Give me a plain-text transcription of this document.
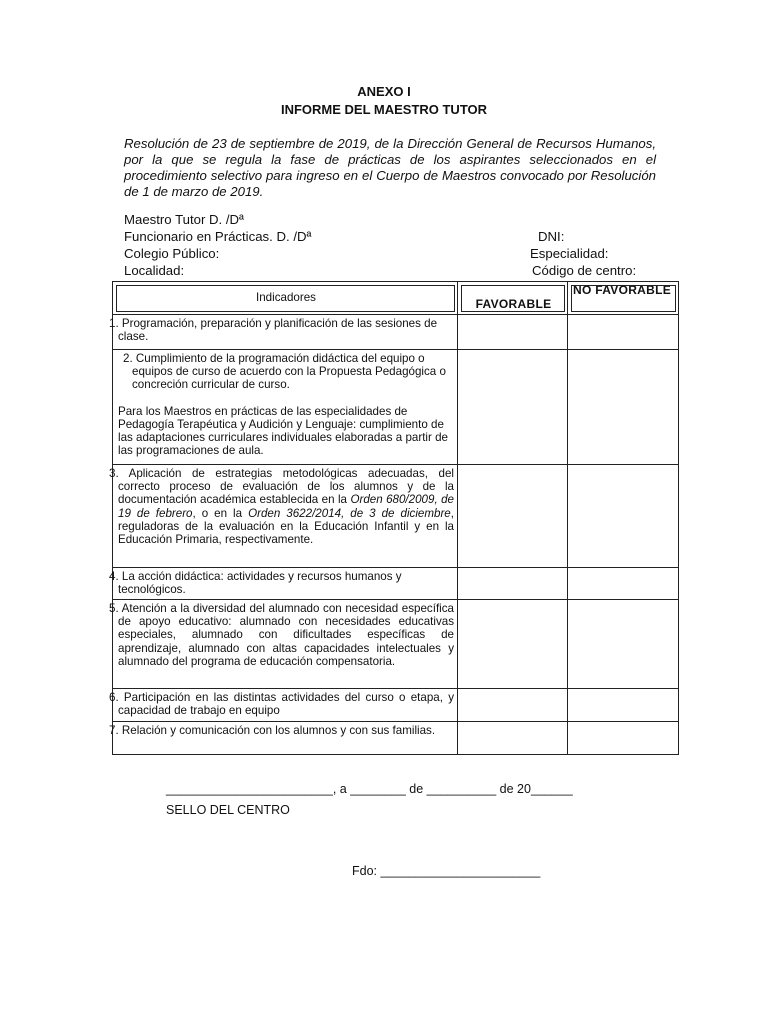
ANEXO I
INFORME DEL MAESTRO TUTOR
Resolución de 23 de septiembre de 2019, de la Dirección General de Recursos Humanos, por la que se regula la fase de prácticas de los aspirantes seleccionados en el procedimiento selectivo para ingreso en el Cuerpo de Maestros convocado por Resolución de 1 de marzo de 2019.
Maestro Tutor D. /Dª
Funcionario en Prácticas. D. /Dª	DNI:
Colegio Público:	Especialidad:
Localidad:	Código de centro:
Indicadores	FAVORABLE	NO FAVORABLE
1. Programación, preparación y planificación de las sesiones de clase.		

2. Cumplimiento de la programación didáctica del equipo o equipos de curso de acuerdo con la Propuesta Pedagógica o concreción curricular de curso.
Para los Maestros en prácticas de las especialidades de Pedagogía Terapéutica y Audición y Lenguaje: cumplimiento de las adaptaciones curriculares individuales elaboradas a partir de las programaciones de aula.		

3. Aplicación de estrategias metodológicas adecuadas, del correcto proceso de evaluación de los alumnos y de la documentación académica establecida en la Orden 680/2009, de 19 de febrero, o en la Orden 3622/2014, de 3 de diciembre, reguladoras de la evaluación en la Educación Infantil y en la Educación Primaria, respectivamente.		
4. La acción didáctica: actividades y recursos humanos y tecnológicos.		
5. Atención a la diversidad del alumnado con necesidad específica de apoyo educativo: alumnado con necesidades educativas especiales, alumnado con dificultades específicas de aprendizaje, alumnado con altas capacidades intelectuales y alumnado del programa de educación compensatoria.		
6. Participación en las distintas actividades del curso o etapa, y capacidad de trabajo en equipo		
7. Relación y comunicación con los alumnos y con sus familias.		
________________________, a ________ de __________ de 20______
SELLO DEL CENTRO
Fdo: _______________________
